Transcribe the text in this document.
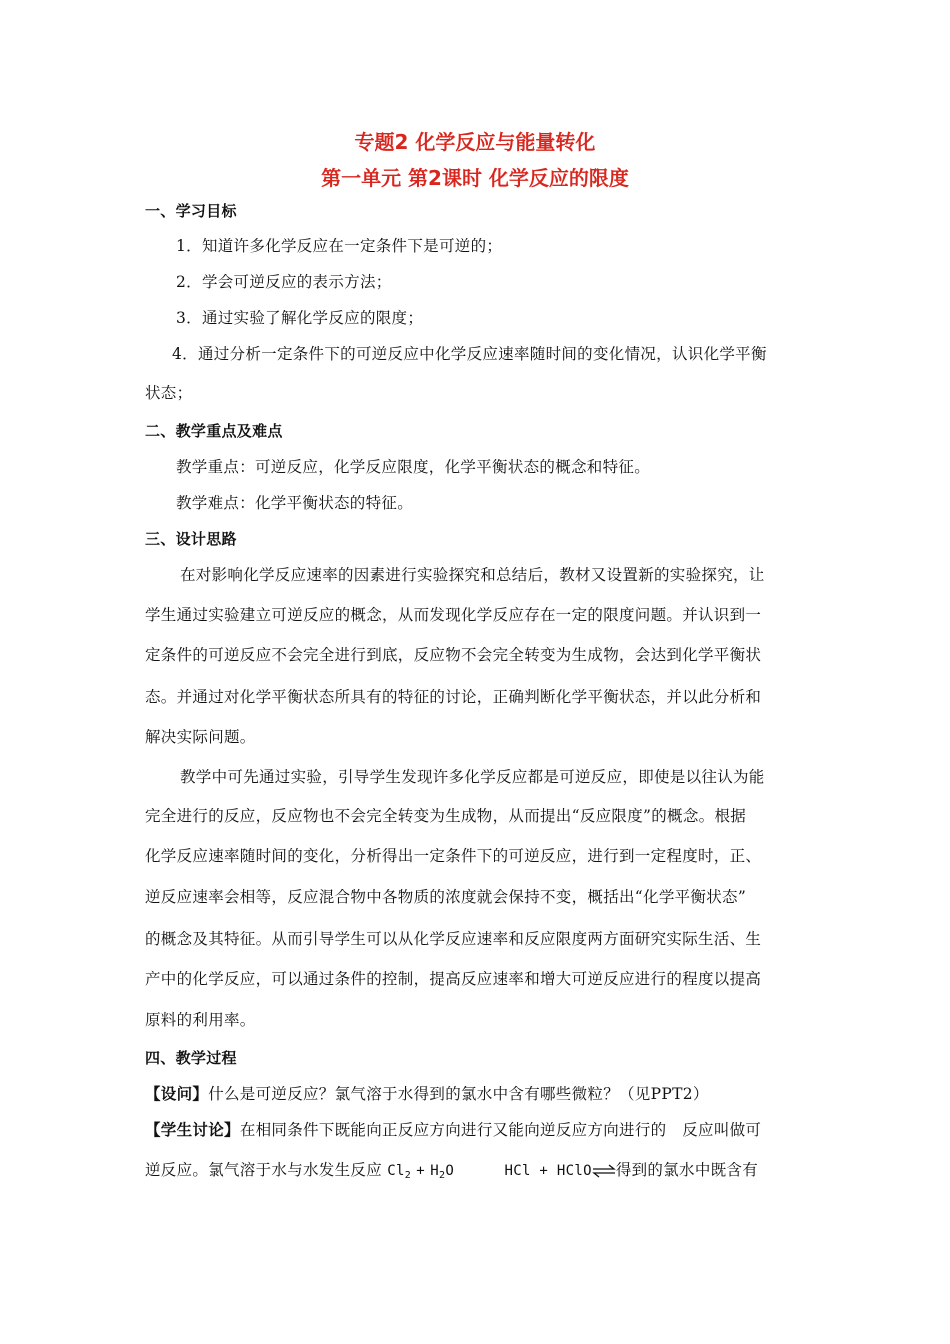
专题2 化学反应与能量转化
第一单元 第2课时 化学反应的限度
一、学习目标
1．知道许多化学反应在一定条件下是可逆的；
2．学会可逆反应的表示方法；
3．通过实验了解化学反应的限度；
4．通过分析一定条件下的可逆反应中化学反应速率随时间的变化情况，认识化学平衡
状态；
二、教学重点及难点
教学重点：可逆反应，化学反应限度，化学平衡状态的概念和特征。
教学难点：化学平衡状态的特征。
三、设计思路
在对影响化学反应速率的因素进行实验探究和总结后，教材又设置新的实验探究，让
学生通过实验建立可逆反应的概念，从而发现化学反应存在一定的限度问题。并认识到一
定条件的可逆反应不会完全进行到底，反应物不会完全转变为生成物，会达到化学平衡状
态。并通过对化学平衡状态所具有的特征的讨论，正确判断化学平衡状态，并以此分析和
解决实际问题。
教学中可先通过实验，引导学生发现许多化学反应都是可逆反应，即使是以往认为能
完全进行的反应，反应物也不会完全转变为生成物，从而提出“反应限度”的概念。根据
化学反应速率随时间的变化，分析得出一定条件下的可逆反应，进行到一定程度时，正、
逆反应速率会相等，反应混合物中各物质的浓度就会保持不变，概括出“化学平衡状态”
的概念及其特征。从而引导学生可以从化学反应速率和反应限度两方面研究实际生活、生
产中的化学反应，可以通过条件的控制，提高反应速率和增大可逆反应进行的程度以提高
原料的利用率。
四、教学过程
【设问】什么是可逆反应？氯气溶于水得到的氯水中含有哪些微粒？（见PPT2）
【学生讨论】在相同条件下既能向正反应方向进行又能向逆反应方向进行的　反应叫做可
逆反应。氯气溶于水与水发生反应 $Cl_2 + H_2O$	HCl + HClO⇌得到的氯水中既含有
